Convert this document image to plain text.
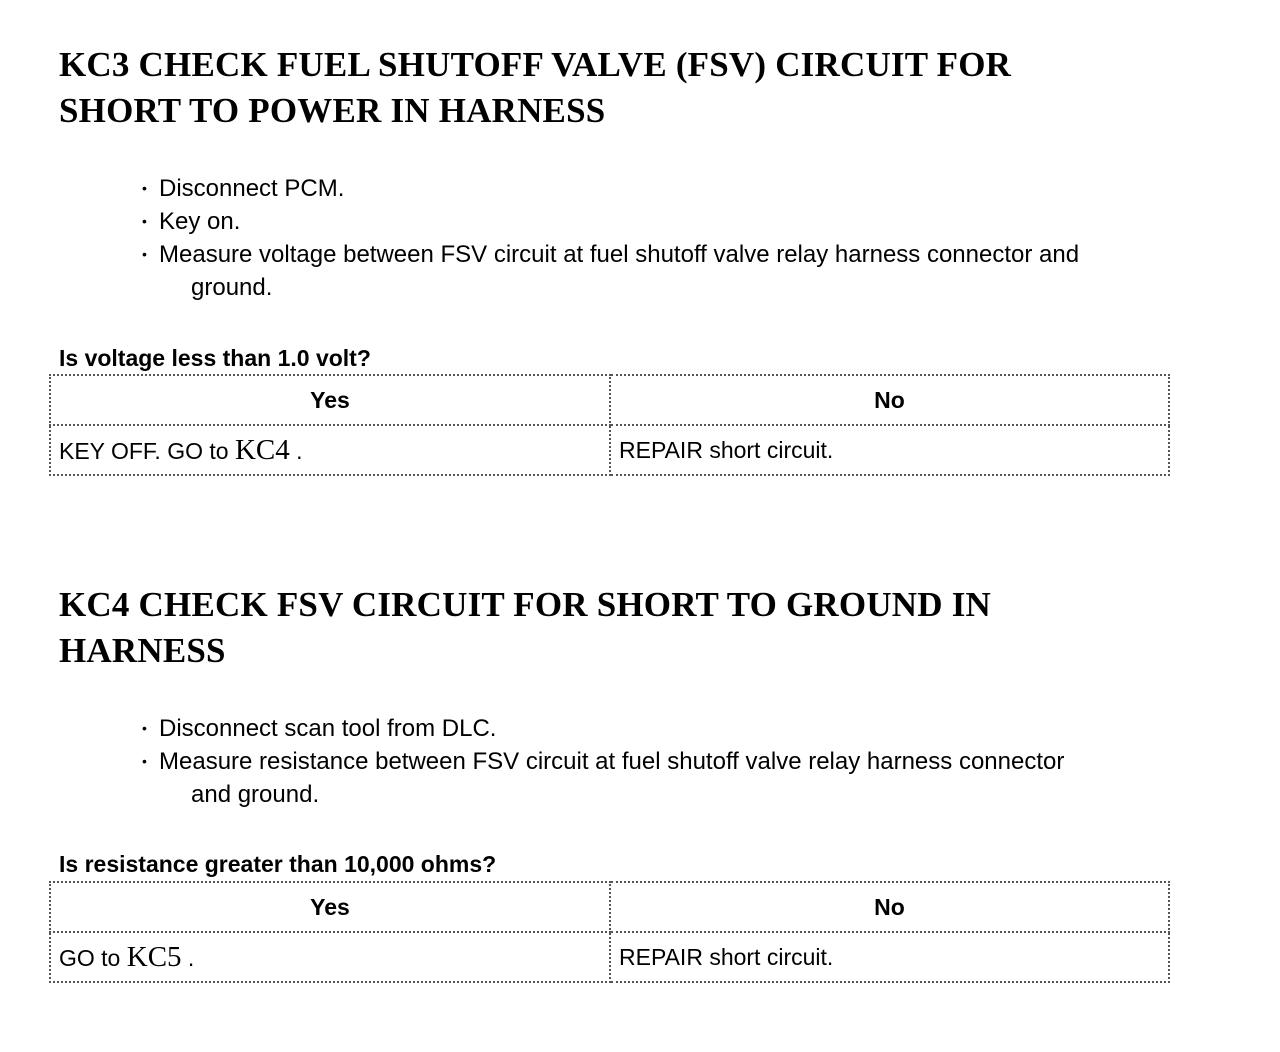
KC3 CHECK FUEL SHUTOFF VALVE (FSV) CIRCUIT FOR
SHORT TO POWER IN HARNESS
• Disconnect PCM.
• Key on.
• Measure voltage between FSV circuit at fuel shutoff valve relay harness connector and
ground.

Is voltage less than 1.0 volt?

Yes	No
KEY OFF. GO to KC4 .	REPAIR short circuit.
KC4 CHECK FSV CIRCUIT FOR SHORT TO GROUND IN
HARNESS
• Disconnect scan tool from DLC.
• Measure resistance between FSV circuit at fuel shutoff valve relay harness connector
and ground.

Is resistance greater than 10,000 ohms?

Yes	No
GO to KC5 .	REPAIR short circuit.
